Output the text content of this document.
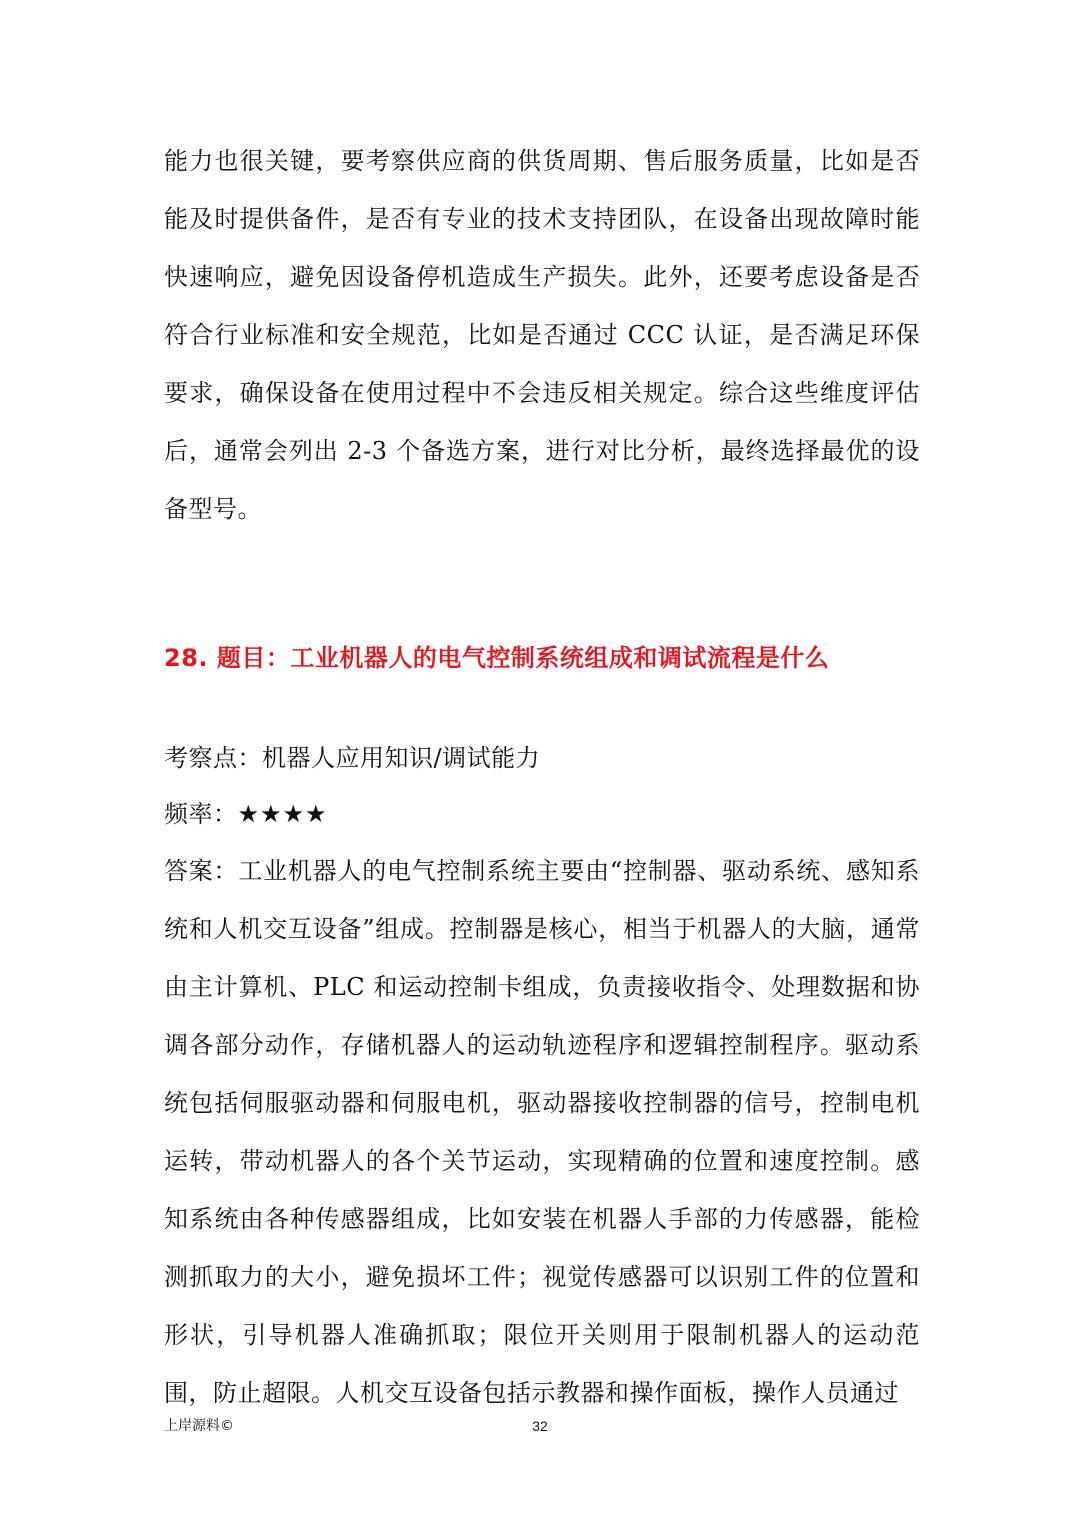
能力也很关键，要考察供应商的供货周期、售后服务质量，比如是否能及时提供备件，是否有专业的技术支持团队，在设备出现故障时能快速响应，避免因设备停机造成生产损失。此外，还要考虑设备是否符合行业标准和安全规范，比如是否通过 CCC 认证，是否满足环保要求，确保设备在使用过程中不会违反相关规定。综合这些维度评估后，通常会列出 2-3 个备选方案，进行对比分析，最终选择最优的设备型号。

28. 题目：工业机器人的电气控制系统组成和调试流程是什么

考察点：机器人应用知识/调试能力

频率：★★★★

答案：工业机器人的电气控制系统主要由“控制器、驱动系统、感知系统和人机交互设备”组成。控制器是核心，相当于机器人的大脑，通常由主计算机、PLC 和运动控制卡组成，负责接收指令、处理数据和协调各部分动作，存储机器人的运动轨迹程序和逻辑控制程序。驱动系统包括伺服驱动器和伺服电机，驱动器接收控制器的信号，控制电机运转，带动机器人的各个关节运动，实现精确的位置和速度控制。感知系统由各种传感器组成，比如安装在机器人手部的力传感器，能检测抓取力的大小，避免损坏工件；视觉传感器可以识别工件的位置和形状，引导机器人准确抓取；限位开关则用于限制机器人的运动范围，防止超限。人机交互设备包括示教器和操作面板，操作人员通过

上岸源料©	32
